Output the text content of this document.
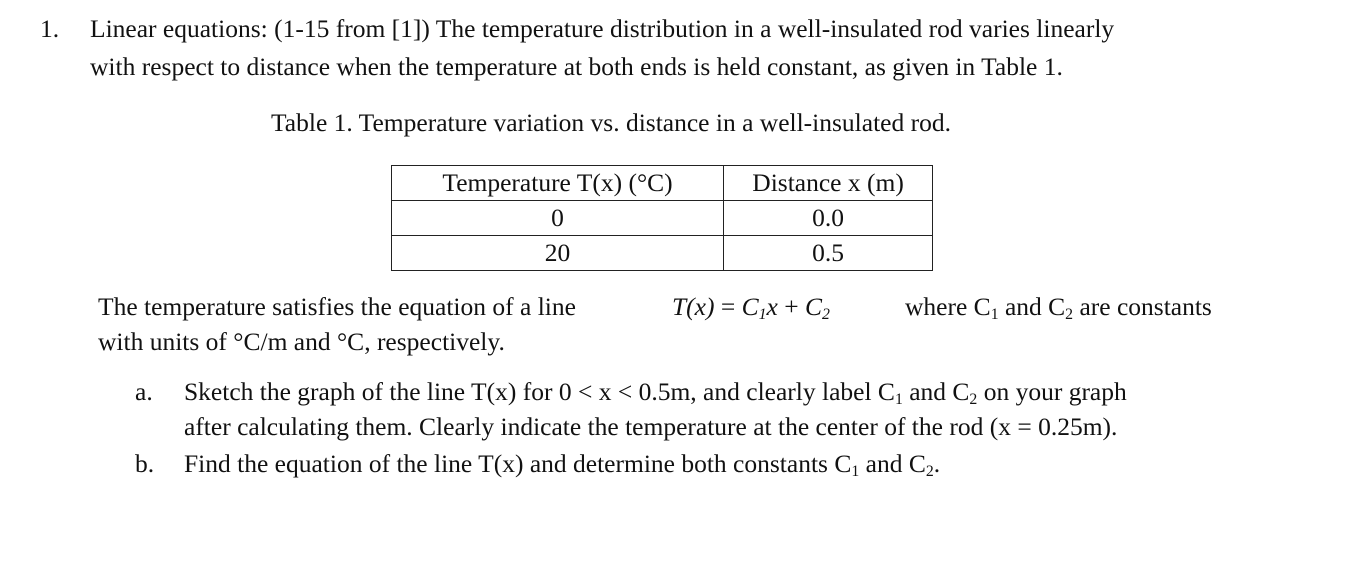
1. Linear equations: (1-15 from [1]) The temperature distribution in a well-insulated rod varies linearly
with respect to distance when the temperature at both ends is held constant, as given in Table 1.
Table 1. Temperature variation vs. distance in a well-insulated rod.
Temperature T(x) (°C)	Distance x (m)
0	0.0
20	0.5
The temperature satisfies the equation of a line	$T(x) = C_1x + C_2$	where $C_1$ and $C_2$ are constants
with units of °C/m and °C, respectively.
a. Sketch the graph of the line T(x) for 0 < x < 0.5m, and clearly label $C_1$ and $C_2$ on your graph
after calculating them. Clearly indicate the temperature at the center of the rod (x = 0.25m).
b. Find the equation of the line T(x) and determine both constants $C_1$ and $C_2$.
